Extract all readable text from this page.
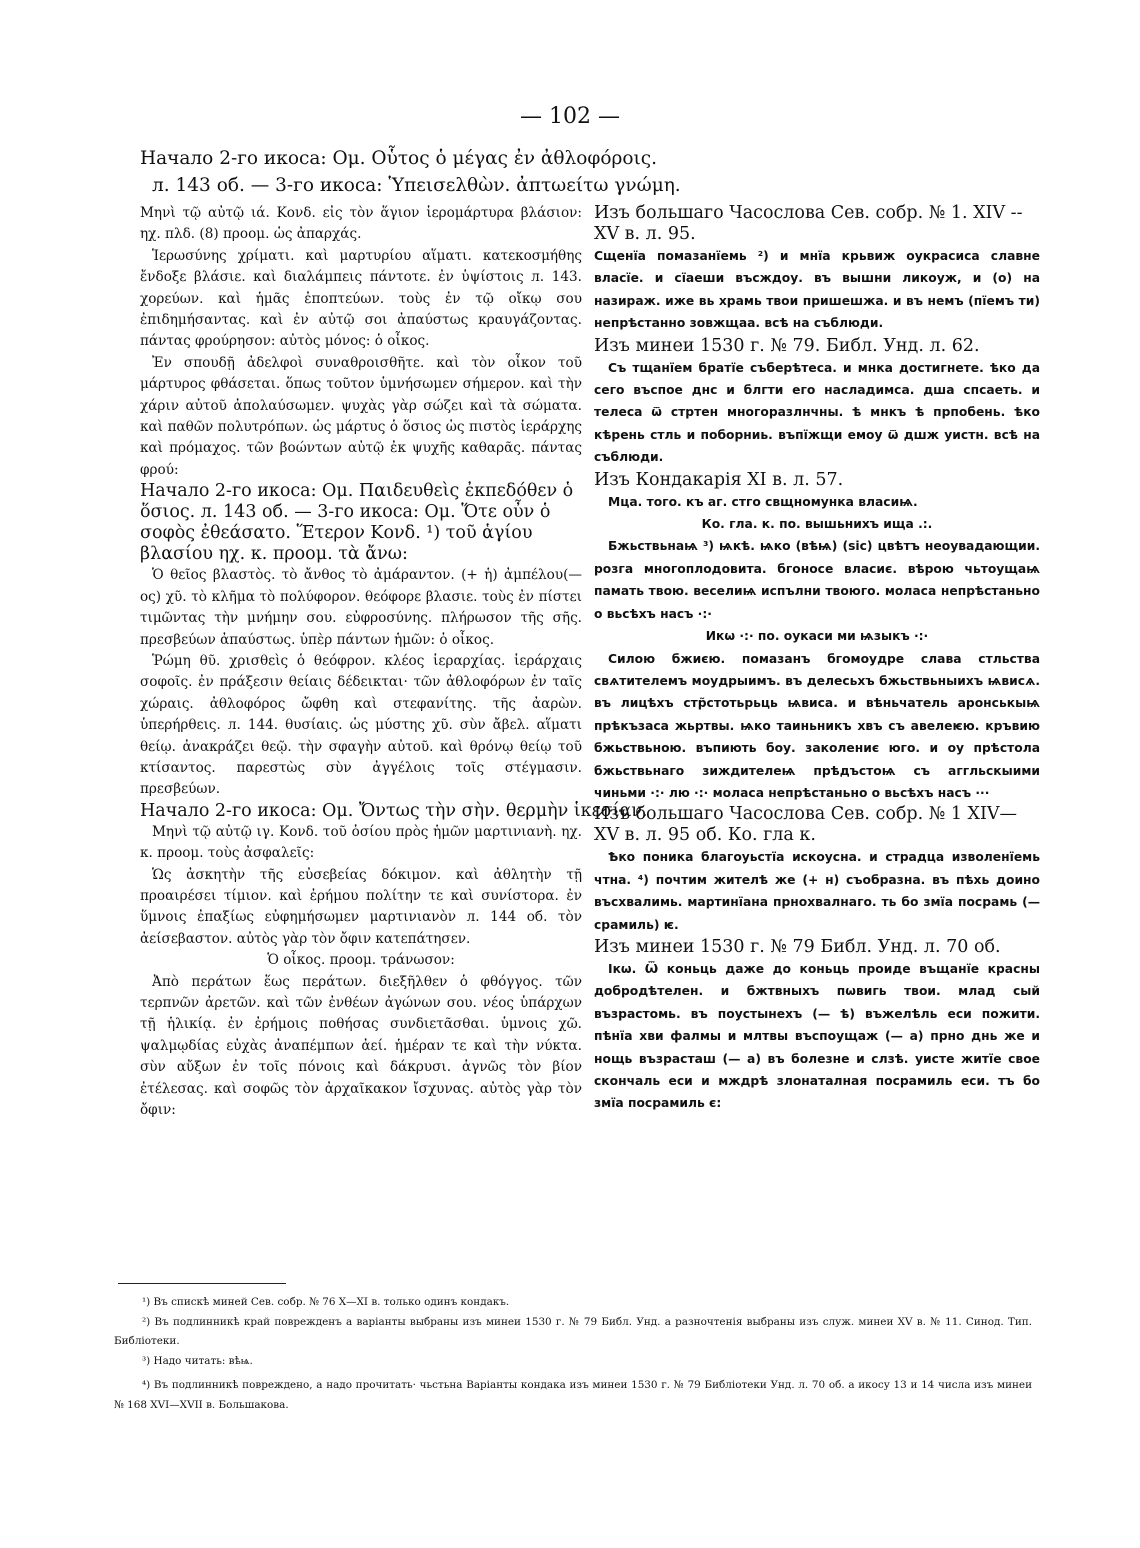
— 102 —
Начало 2-го икоса: Ομ. Οὗτος ὁ μέγας ἐν ἀθλοφόροις.
л. 143 об. — 3-го икоса: Ὑπεισελθὼν. ἀπτωείτω γνώμη.

Μηνὶ τῷ αὐτῷ ιά. Κονδ. εἰς τὸν ἅγιον ἱερομάρτυρα βλάσιον: ηχ. πλδ. (8) προομ. ὡς ἀπαρχάς.

Ἱερωσύνης χρίματι. καὶ μαρτυρίου αἵματι. κατεκοσμήθης ἔνδοξε βλάσιε. καὶ διαλάμπεις πάντοτε. ἐν ὑψίστοις л. 143. χορεύων. καὶ ἡμᾶς ἐποπτεύων. τοὺς ἐν τῷ οἴκῳ σου ἐπιδημήσαντας. καὶ ἐν αὐτῷ σοι ἀπαύστως κραυγάζοντας. πάντας φρούρησον: αὐτὸς μόνος: ὁ οἶκος.

Ἐν σπουδῇ ἀδελφοὶ συναθροισθῆτε. καὶ τὸν οἶκον τοῦ μάρτυρος φθάσεται. ὅπως τοῦτον ὑμνήσωμεν σήμερον. καὶ τὴν χάριν αὐτοῦ ἀπολαύσωμεν. ψυχὰς γὰρ σώζει καὶ τὰ σώματα. καὶ παθῶν πολυτρόπων. ὡς μάρτυς ὁ ὅσιος ὡς πιστὸς ἱεράρχης καὶ πρόμαχος. τῶν βοώντων αὐτῷ ἐκ ψυχῆς καθαρᾶς. πάντας φρού:

Начало 2-го икоса: Ομ. Παιδευθεὶς ἐκπεδόθεν ὁ ὅσιος. л. 143 об. — 3-го икоса: Ομ. Ὅτε οὖν ὁ σοφὸς ἐθεάσατο. Ἕτερον Κονδ. ¹) τοῦ ἁγίου βλασίου ηχ. κ. προομ. τὰ ἄνω:

Ὁ θεῖος βλαστὸς. τὸ ἄνθος τὸ ἀμάραντον. (+ ἡ) ἀμπέλου(—ος) χῦ. τὸ κλῆμα τὸ πολύφορον. θεόφορε βλασιε. τοὺς ἐν πίστει τιμῶντας τὴν μνήμην σου. εὐφροσύνης. πλήρωσον τῆς σῆς. πρεσβεύων ἀπαύστως. ὑπὲρ πάντων ἡμῶν: ὁ οἶκος.

Ῥώμη θῦ. χρισθεὶς ὁ θεόφρον. κλέος ἱεραρχίας. ἱεράρχαις σοφοῖς. ἐν πράξεσιν θείαις δέδεικται· τῶν ἀθλοφόρων ἐν ταῖς χώραις. ἀθλοφόρος ὤφθη καὶ στεφανίτης. τῆς ἀαρὼν. ὑπερήρθεις. л. 144. θυσίαις. ὡς μύστης χῦ. σὺν ἄβελ. αἵματι θείῳ. ἀνακράζει θεῷ. τὴν σφαγὴν αὐτοῦ. καὶ θρόνῳ θείῳ τοῦ κτίσαντος. παρεστὼς σὺν ἀγγέλοις τοῖς στέγμασιν. πρεσβεύων.

Начало 2-го икоса: Ομ. Ὄντως τὴν σὴν. θερμὴν ἱκεσίαν.

Μηνὶ τῷ αὐτῷ ιγ. Κονδ. τοῦ ὁσίου πρὸς ἡμῶν μαρτινιανὴ. ηχ. κ. προομ. τοὺς ἀσφαλεῖς:

Ὡς ἀσκητὴν τῆς εὐσεβείας δόκιμον. καὶ ἀθλητὴν τῇ προαιρέσει τίμιον. καὶ ἐρήμου πολίτην τε καὶ συνίστορα. ἐν ὕμνοις ἐπαξίως εὐφημήσωμεν μαρτινιανὸν л. 144 об. τὸν ἀείσεβαστον. αὐτὸς γὰρ τὸν ὄφιν κατεπάτησεν.

Ὁ οἶκος. προομ. τράνωσον:

Ἀπὸ περάτων ἕως περάτων. διεξῆλθεν ὁ φθόγγος. τῶν τερπνῶν ἀρετῶν. καὶ τῶν ἐνθέων ἀγώνων σου. νέος ὑπάρχων τῇ ἡλικίᾳ. ἐν ἐρήμοις ποθήσας συνδιετᾶσθαι. ὑμνοις χῶ. ψαλμῳδίας εὐχὰς ἀναπέμπων ἀεί. ἡμέραν τε καὶ τὴν νύκτα. σὺν αὔξων ἐν τοῖς πόνοις καὶ δάκρυσι. ἁγνῶς τὸν βίον ἐτέλεσας. καὶ σοφῶς τὸν ἀρχαῖκακον ἴσχυνας. αὐτὸς γὰρ τὸν ὄφιν:

Изъ большаго Часослова Сев. собр. № 1. XIV --XV в. л. 95.

Сщенїа помазанїемь ²) и мнїа крьвиж оукрасиса славне власїе. и сїаеши въсждоу. въ вышни ликоуж, и (о) на назираж. иже вь храмь твои пришешжа. и въ немъ (пїемъ ти) непрѣстанно зовжщаа. всѣ на съблюди.

Изъ минеи 1530 г. № 79. Библ. Унд. л. 62.

Съ тщанїем братїе съберѣтеса. и мнка достигнете. ѣко да сего въспое днс и блгти его насладимса. дша спсаеть. и телеса ѿ стртен многоразлнчны. ѣ мнкъ ѣ прпобень. ѣко кѣрень стль и поборниь. въпїжщи емоу ѿ дшж уистн. всѣ на съблюди.

Изъ Кондакарія XI в. л. 57.

Мца. того. къ аг. стго свщномунка власиѩ.

Ко. гла. к. по. вышьнихъ ища .:.

Бжьствьнаѩ ³) ѩкѣ. ѩко (вѣѩ) (sic) цвѣтъ неоувадающии. розга многоплодовита. бгоносе власиє. вѣрою чьтоущаѩ памать твою. веселиѩ испълни твоюго. моласа непрѣстаньно о вьсѣхъ насъ ·:·

Икѡ ·:· по. оукаси ми ѩзыкъ ·:·

Силою бжиєю. помазанъ бгомоудре слава стльства свѧтителемъ моудрыимъ. въ делесьхъ бжьствьныихъ ѩвисѧ. въ лицѣхъ стр̃стотьрьць ѩвиса. и вѣньчатель аронськыѩ прѣкъзаса жьртвы. ѩко таиньникъ хвъ съ авелеѥю. кръвию бжьствьною. въпиють боу. заколениє юго. и оу прѣстола бжьствьнаго зиждителеѩ прѣдъстоѩ съ аггльскыими чиньми ·:· лю ·:· моласа непрѣстаньно о вьсѣхъ насъ ···

Изъ большаго Часослова Сев. собр. № 1 XIV— XV в. л. 95 об. Ко. гла к.

Ѣко поника благоуьстїа искоусна. и страдца изволенїемь чтна. ⁴) почтим жителѣ же (+ н) съобразна. въ пѣхь доино въсхвалимь. мартинїана прнохвалнаго. ть бо змїа посрамь (— срамиль) ѥ.

Изъ минеи 1530 г. № 79 Библ. Унд. л. 70 об.

Ікѡ. Ѿ коньць даже до коньць проиде въщанїе красны добродѣтелен. и бжтвныхъ пѡвигь твои. млад сый възрастомь. въ поустынехъ (— ѣ) въжелѣль еси пожити. пѣнїа хви фалмы и млтвы въспоущаж (— а) прно днь же и нощь възрасташ (— а) въ болезне и слзѣ. уисте житїе свое скончаль еси и мждрѣ злонаталная посрамиль еси. тъ бо змїа посрамиль є:

¹) Въ спискѣ миней Сев. собр. № 76 X—XI в. только одинъ кондакъ.

²) Въ подлинникѣ край поврежденъ а варіанты выбраны изъ минеи 1530 г. № 79 Библ. Унд. а разночтенія выбраны изъ служ. минеи XV в. № 11. Синод. Тип. Библіотеки.

³) Надо читать: вѣѩ.

⁴) Въ подлинникѣ повреждено, а надо прочитать· чьстьна Варіанты кондака изъ минеи 1530 г. № 79 Библіотеки Унд. л. 70 об. а икосу 13 и 14 числа изъ минеи № 168 XVI—XVII в. Большакова.
